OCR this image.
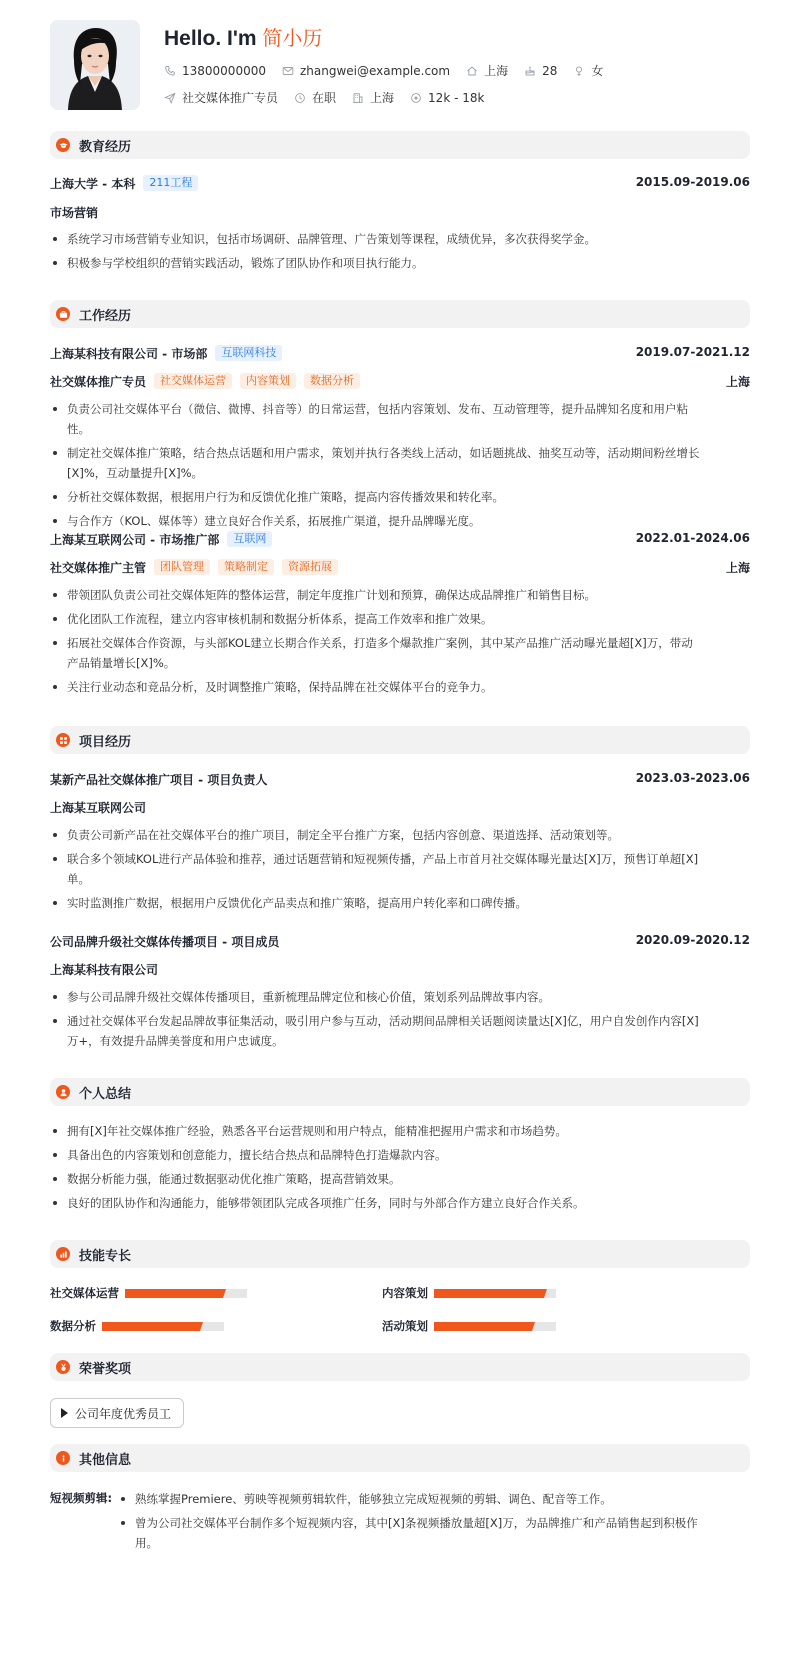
Hello. I'm 简小历
13800000000	zhangwei@example.com	上海	28	女
社交媒体推广专员	在职	上海	12k - 18k
教育经历
上海大学 - 本科	211工程	2015.09-2019.06
市场营销
系统学习市场营销专业知识，包括市场调研、品牌管理、广告策划等课程，成绩优异，多次获得奖学金。
积极参与学校组织的营销实践活动，锻炼了团队协作和项目执行能力。
工作经历
上海某科技有限公司 - 市场部	互联网科技	2019.07-2021.12
社交媒体推广专员	社交媒体运营	内容策划	数据分析	上海
负责公司社交媒体平台（微信、微博、抖音等）的日常运营，包括内容策划、发布、互动管理等，提升品牌知名度和用户粘性。
制定社交媒体推广策略，结合热点话题和用户需求，策划并执行各类线上活动，如话题挑战、抽奖互动等，活动期间粉丝增长[X]%，互动量提升[X]%。
分析社交媒体数据，根据用户行为和反馈优化推广策略，提高内容传播效果和转化率。
与合作方（KOL、媒体等）建立良好合作关系，拓展推广渠道，提升品牌曝光度。
上海某互联网公司 - 市场推广部	互联网	2022.01-2024.06
社交媒体推广主管	团队管理	策略制定	资源拓展	上海
带领团队负责公司社交媒体矩阵的整体运营，制定年度推广计划和预算，确保达成品牌推广和销售目标。
优化团队工作流程，建立内容审核机制和数据分析体系，提高工作效率和推广效果。
拓展社交媒体合作资源，与头部KOL建立长期合作关系，打造多个爆款推广案例，其中某产品推广活动曝光量超[X]万，带动产品销量增长[X]%。
关注行业动态和竞品分析，及时调整推广策略，保持品牌在社交媒体平台的竞争力。
项目经历
某新产品社交媒体推广项目 - 项目负责人	2023.03-2023.06
上海某互联网公司
负责公司新产品在社交媒体平台的推广项目，制定全平台推广方案，包括内容创意、渠道选择、活动策划等。
联合多个领域KOL进行产品体验和推荐，通过话题营销和短视频传播，产品上市首月社交媒体曝光量达[X]万，预售订单超[X]单。
实时监测推广数据，根据用户反馈优化产品卖点和推广策略，提高用户转化率和口碑传播。
公司品牌升级社交媒体传播项目 - 项目成员	2020.09-2020.12
上海某科技有限公司
参与公司品牌升级社交媒体传播项目，重新梳理品牌定位和核心价值，策划系列品牌故事内容。
通过社交媒体平台发起品牌故事征集活动，吸引用户参与互动，活动期间品牌相关话题阅读量达[X]亿，用户自发创作内容[X]万+，有效提升品牌美誉度和用户忠诚度。
个人总结
拥有[X]年社交媒体推广经验，熟悉各平台运营规则和用户特点，能精准把握用户需求和市场趋势。
具备出色的内容策划和创意能力，擅长结合热点和品牌特色打造爆款内容。
数据分析能力强，能通过数据驱动优化推广策略，提高营销效果。
良好的团队协作和沟通能力，能够带领团队完成各项推广任务，同时与外部合作方建立良好合作关系。
技能专长
社交媒体运营	内容策划
数据分析	活动策划
荣誉奖项
公司年度优秀员工
其他信息
短视频剪辑:	熟练掌握Premiere、剪映等视频剪辑软件，能够独立完成短视频的剪辑、调色、配音等工作。
曾为公司社交媒体平台制作多个短视频内容，其中[X]条视频播放量超[X]万，为品牌推广和产品销售起到积极作用。
